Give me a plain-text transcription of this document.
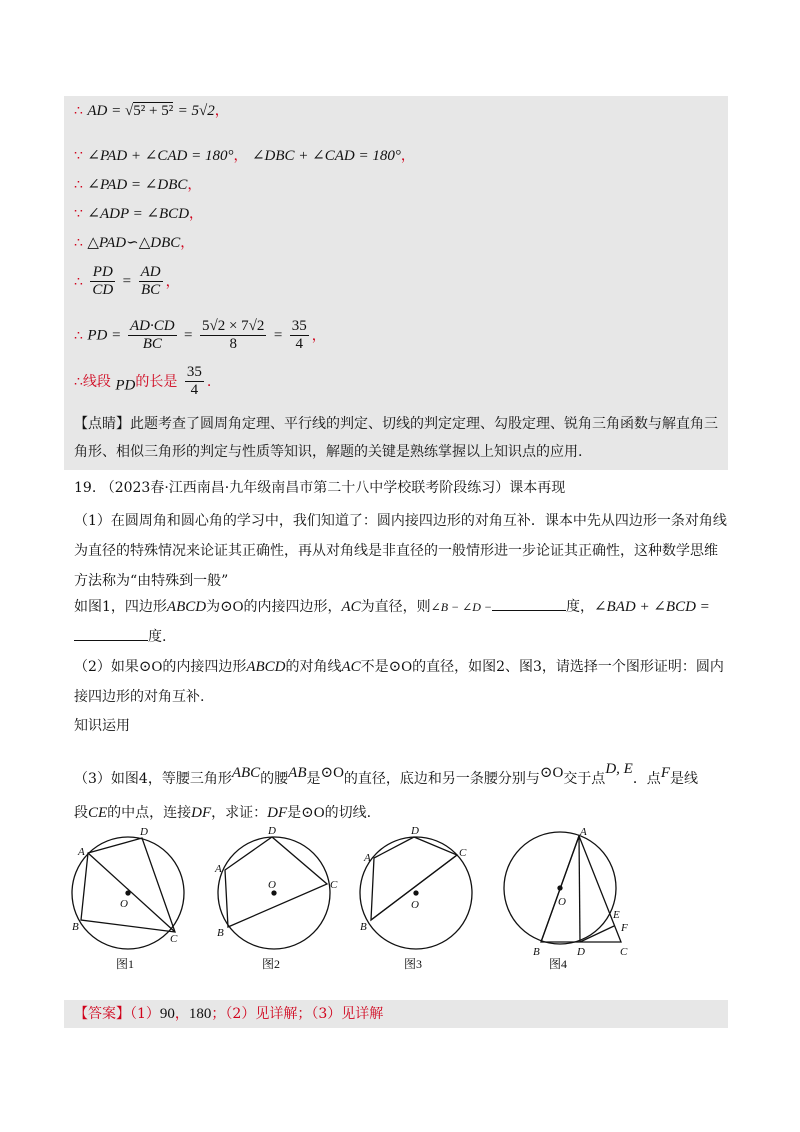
∴ AD = √5² + 5² = 5√2，
∵ ∠PAD + ∠CAD = 180°， ∠DBC + ∠CAD = 180°，
∴ ∠PAD = ∠DBC，
∵ ∠ADP = ∠BCD，
∴ △PAD∽△DBC，
∴ $\frac{PD}{CD} = \frac{AD}{BC}$ ，
∴ PD = $\frac{AD\cdot CD}{BC} = \frac{5√2 \times 7√2}{8} = \frac{35}{4}$ ，
∴线段 PD的长是 $\frac{35}{4}$ .
【点睛】此题考查了圆周角定理、平行线的判定、切线的判定定理、勾股定理、锐角三角函数与解直角三角形、相似三角形的判定与性质等知识，解题的关键是熟练掌握以上知识点的应用.
19. （2023春·江西南昌·九年级南昌市第二十八中学校联考阶段练习）课本再现
（1）在圆周角和圆心角的学习中，我们知道了：圆内接四边形的对角互补．课本中先从四边形一条对角线为直径的特殊情况来论证其正确性，再从对角线是非直径的一般情形进一步论证其正确性，这种数学思维方法称为“由特殊到一般”
如图1，四边形ABCD为⊙O的内接四边形，AC为直径，则∠B − ∠D −	度，∠BAD + ∠BCD =
度.
（2）如果⊙O的内接四边形ABCD的对角线AC不是⊙O的直径，如图2、图3，请选择一个图形证明：圆内接四边形的对角互补.
知识运用
（3）如图4，等腰三角形ABC的腰AB是⊙O的直径，底边和另一条腰分别与⊙O交于点D, E．点F是线
段CE的中点，连接DF，求证：DF是⊙O的切线.
A
D
O
B
C
图1
A
D
O	C
B
图2
A
D
C
O
B
图3
A
O
E
F
B	D	C
图4
【答案】（1）90，180；（2）见详解；（3）见详解
